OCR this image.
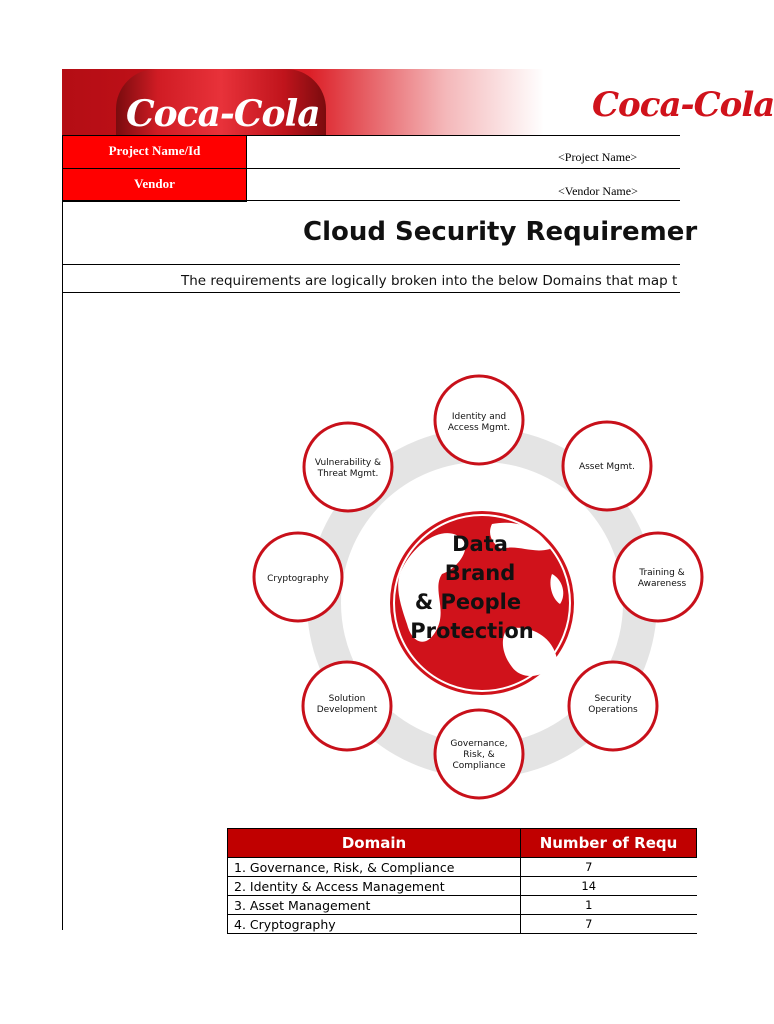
Coca-Cola	Coca-Cola
Project Name/Id	<Project Name>
Vendor	<Vendor Name>
Cloud Security Requiremer
The requirements are logically broken into the below Domains that map t
Data
Brand
& People
Protection
Identity and
Access Mgmt.
Asset Mgmt.
Training &
Awareness
Security
Operations
Governance,
Risk, &
Compliance
Solution
Development
Cryptography
Vulnerability &
Threat Mgmt.
Domain	Number of Requ
1. Governance, Risk, & Compliance	7
2. Identity & Access Management	14
3. Asset Management	1
4. Cryptography	7
